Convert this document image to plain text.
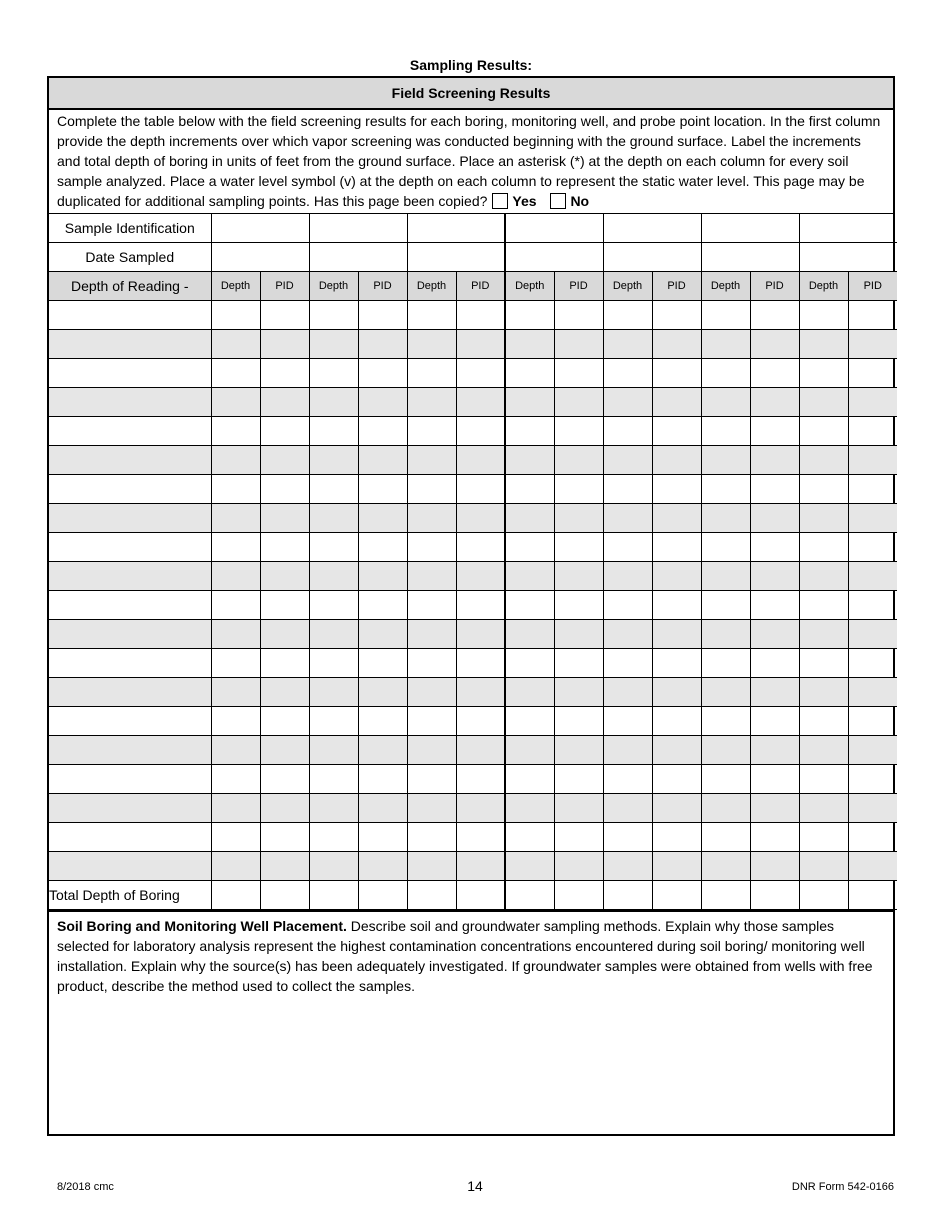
Sampling Results:
Field Screening Results
Complete the table below with the field screening results for each boring, monitoring well, and probe point location. In the first column provide the depth increments over which vapor screening was conducted beginning with the ground surface. Label the increments and total depth of boring in units of feet from the ground surface. Place an asterisk (*) at the depth on each column for every soil sample analyzed. Place a water level symbol (v) at the depth on each column to represent the static water level. This page may be duplicated for additional sampling points. Has this page been copied? Yes No
Sample Identification														
Date Sampled														
Depth of Reading -	Depth	PID	Depth	PID	Depth	PID	Depth	PID	Depth	PID	Depth	PID	Depth	PID

Total Depth of Boring														
Soil Boring and Monitoring Well Placement. Describe soil and groundwater sampling methods. Explain why those samples selected for laboratory analysis represent the highest contamination concentrations encountered during soil boring/ monitoring well installation. Explain why the source(s) has been adequately investigated. If groundwater samples were obtained from wells with free product, describe the method used to collect the samples.
8/2018 cmc	14	DNR Form 542-0166
